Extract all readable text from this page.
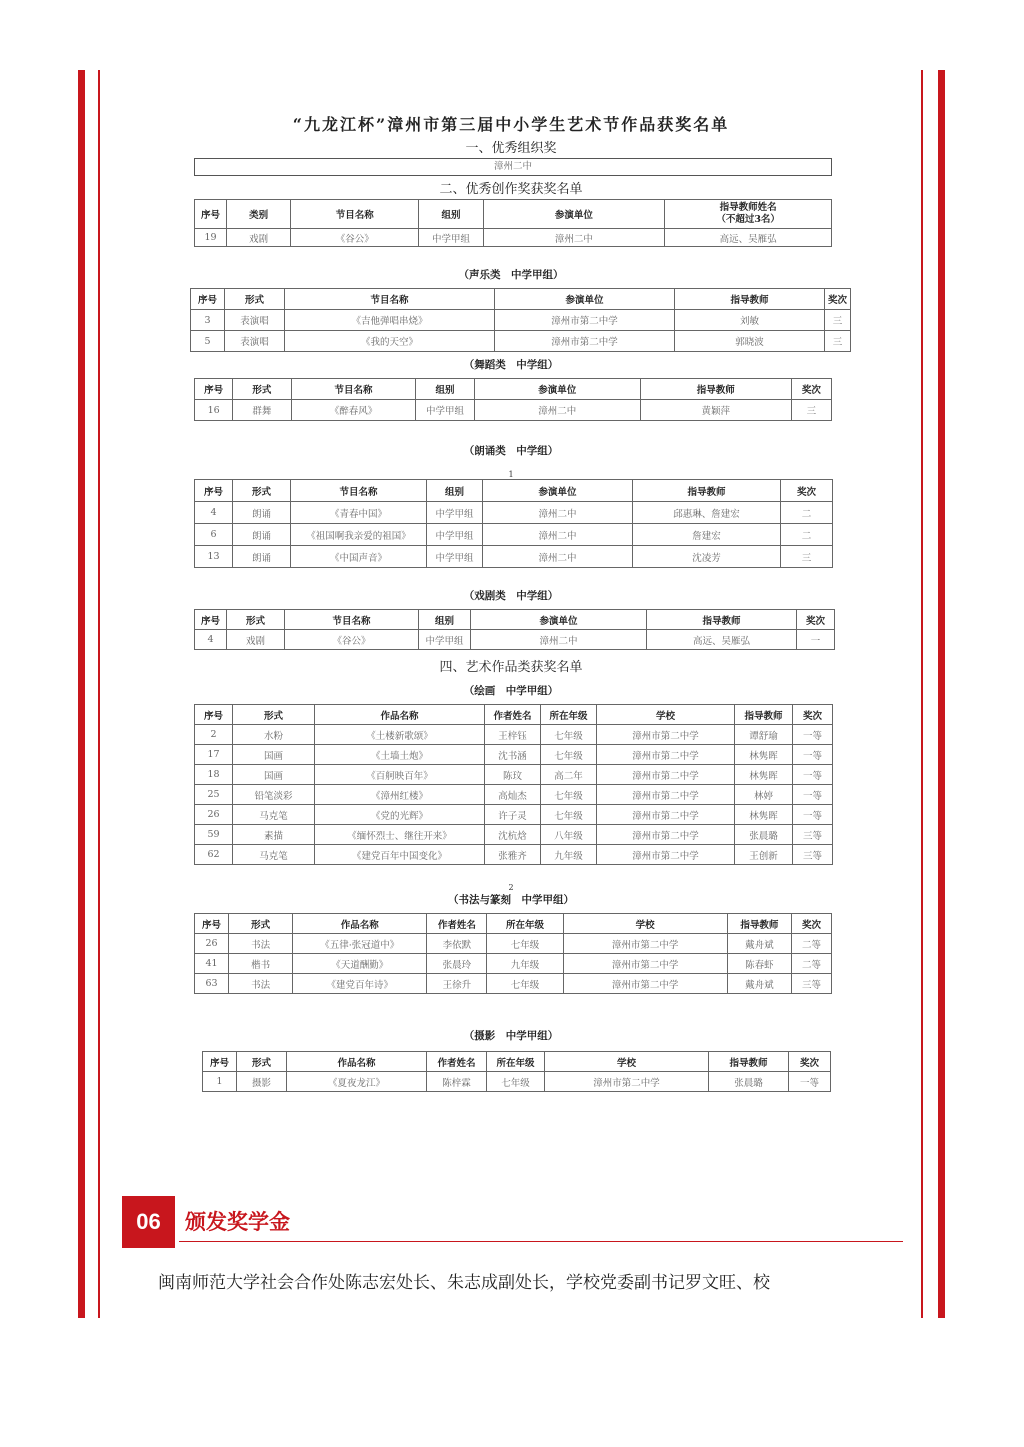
“九龙江杯”漳州市第三届中小学生艺术节作品获奖名单
一、优秀组织奖
漳州二中
二、优秀创作奖获奖名单
序号	类别	节目名称	组别	参演单位	指导教师姓名
（不超过3名）
19	戏剧	《谷公》	中学甲组	漳州二中	高远、吴雁弘
（声乐类　中学甲组）
序号	形式	节目名称	参演单位	指导教师	奖次
3	表演唱	《吉他弹唱串烧》	漳州市第二中学	刘敏	三
5	表演唱	《我的天空》	漳州市第二中学	郭晓波	三
（舞蹈类　中学组）
序号	形式	节目名称	组别	参演单位	指导教师	奖次
16	群舞	《醉春风》	中学甲组	漳州二中	黄颖萍	三
（朗诵类　中学组）
1
序号	形式	节目名称	组别	参演单位	指导教师	奖次
4	朗诵	《青春中国》	中学甲组	漳州二中	邱惠琳、詹建宏	二
6	朗诵	《祖国啊我亲爱的祖国》	中学甲组	漳州二中	詹建宏	二
13	朗诵	《中国声音》	中学甲组	漳州二中	沈凌芳	三
（戏剧类　中学组）
序号	形式	节目名称	组别	参演单位	指导教师	奖次
4	戏剧	《谷公》	中学甲组	漳州二中	高远、吴雁弘	一
四、艺术作品类获奖名单
（绘画　中学甲组）
序号	形式	作品名称	作者姓名	所在年级	学校	指导教师	奖次
2	水粉	《土楼新歌颂》	王梓钰	七年级	漳州市第二中学	谭舒瑜	一等
17	国画	《土墙土炮》	沈书涵	七年级	漳州市第二中学	林隽晖	一等
18	国画	《百舸映百年》	陈玟	高二年	漳州市第二中学	林隽晖	一等
25	铅笔淡彩	《漳州红楼》	高灿杰	七年级	漳州市第二中学	林婷	一等
26	马克笔	《党的光辉》	许子灵	七年级	漳州市第二中学	林隽晖	一等
59	素描	《缅怀烈士、继往开来》	沈杭焓	八年级	漳州市第二中学	张晨璐	三等
62	马克笔	《建党百年中国变化》	张雅齐	九年级	漳州市第二中学	王创新	三等
2
（书法与篆刻　中学甲组）
序号	形式	作品名称	作者姓名	所在年级	学校	指导教师	奖次
26	书法	《五律·张冠道中》	李依默	七年级	漳州市第二中学	戴舟斌	二等
41	楷书	《天道酬勤》	张晨玲	九年级	漳州市第二中学	陈春虾	二等
63	书法	《建党百年诗》	王徐升	七年级	漳州市第二中学	戴舟斌	三等
（摄影　中学甲组）
序号	形式	作品名称	作者姓名	所在年级	学校	指导教师	奖次
1	摄影	《夏夜龙江》	陈梓霖	七年级	漳州市第二中学	张晨璐	一等
06	颁发奖学金
闽南师范大学社会合作处陈志宏处长、朱志成副处长，学校党委副书记罗文旺、校
